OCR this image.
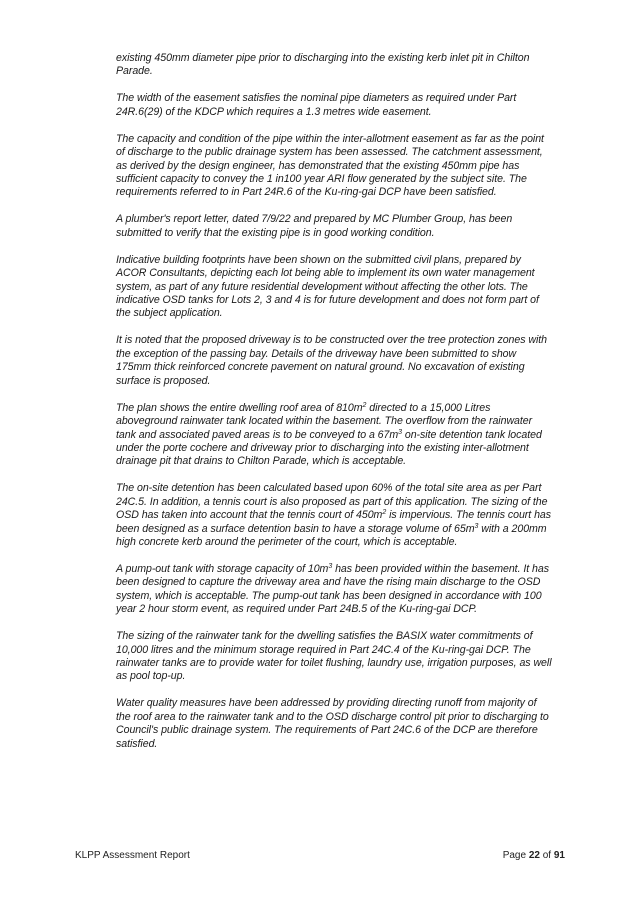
existing 450mm diameter pipe prior to discharging into the existing kerb inlet pit in Chilton Parade.

The width of the easement satisfies the nominal pipe diameters as required under Part 24R.6(29) of the KDCP which requires a 1.3 metres wide easement.

The capacity and condition of the pipe within the inter-allotment easement as far as the point of discharge to the public drainage system has been assessed. The catchment assessment, as derived by the design engineer, has demonstrated that the existing 450mm pipe has sufficient capacity to convey the 1 in100 year ARI flow generated by the subject site. The requirements referred to in Part 24R.6 of the Ku-ring-gai DCP have been satisfied.

A plumber's report letter, dated 7/9/22 and prepared by MC Plumber Group, has been submitted to verify that the existing pipe is in good working condition.

Indicative building footprints have been shown on the submitted civil plans, prepared by ACOR Consultants, depicting each lot being able to implement its own water management system, as part of any future residential development without affecting the other lots. The indicative OSD tanks for Lots 2, 3 and 4 is for future development and does not form part of the subject application.

It is noted that the proposed driveway is to be constructed over the tree protection zones with the exception of the passing bay. Details of the driveway have been submitted to show 175mm thick reinforced concrete pavement on natural ground. No excavation of existing surface is proposed.

The plan shows the entire dwelling roof area of $810m^2$ directed to a 15,000 Litres aboveground rainwater tank located within the basement. The overflow from the rainwater tank and associated paved areas is to be conveyed to a $67m^3$ on-site detention tank located under the porte cochere and driveway prior to discharging into the existing inter-allotment drainage pit that drains to Chilton Parade, which is acceptable.

The on-site detention has been calculated based upon 60% of the total site area as per Part 24C.5. In addition, a tennis court is also proposed as part of this application. The sizing of the OSD has taken into account that the tennis court of $450m^2$ is impervious. The tennis court has been designed as a surface detention basin to have a storage volume of $65m^3$ with a 200mm high concrete kerb around the perimeter of the court, which is acceptable.

A pump-out tank with storage capacity of $10m^3$ has been provided within the basement. It has been designed to capture the driveway area and have the rising main discharge to the OSD system, which is acceptable. The pump-out tank has been designed in accordance with 100 year 2 hour storm event, as required under Part 24B.5 of the Ku-ring-gai DCP.

The sizing of the rainwater tank for the dwelling satisfies the BASIX water commitments of 10,000 litres and the minimum storage required in Part 24C.4 of the Ku-ring-gai DCP. The rainwater tanks are to provide water for toilet flushing, laundry use, irrigation purposes, as well as pool top-up.

Water quality measures have been addressed by providing directing runoff from majority of the roof area to the rainwater tank and to the OSD discharge control pit prior to discharging to Council's public drainage system. The requirements of Part 24C.6 of the DCP are therefore satisfied.

KLPP Assessment Report	Page 22 of 91
